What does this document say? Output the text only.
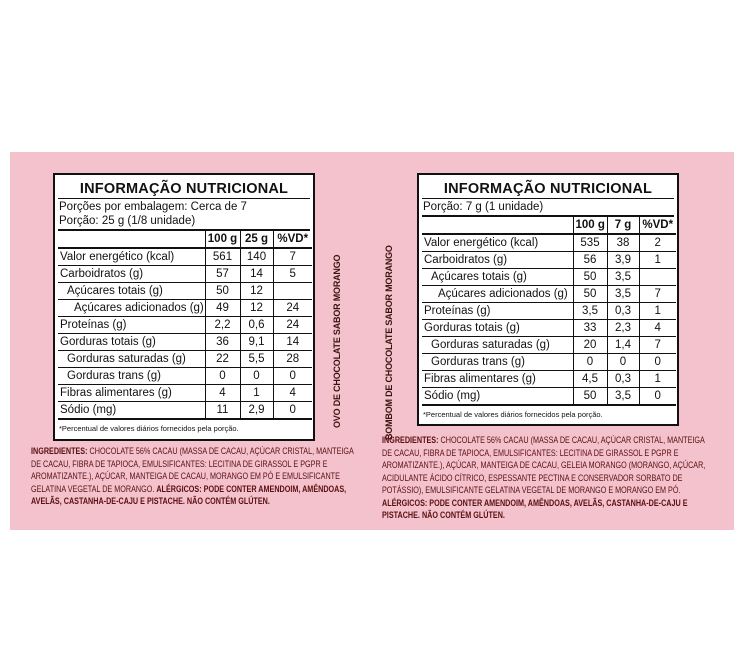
INFORMAÇÃO NUTRICIONAL
Porções por embalagem: Cerca de 7
Porção: 25 g (1/8 unidade)
	100 g	25 g	%VD*
Valor energético (kcal)	561	140	7
Carboidratos (g)	57	14	5
Açúcares totais (g)	50	12	
Açúcares adicionados (g)	49	12	24
Proteínas (g)	2,2	0,6	24
Gorduras totais (g)	36	9,1	14
Gorduras saturadas (g)	22	5,5	28
Gorduras trans (g)	0	0	0
Fibras alimentares (g)	4	1	4
Sódio (mg)	11	2,9	0
*Percentual de valores diários fornecidos pela porção.
INFORMAÇÃO NUTRICIONAL
Porção: 7 g (1 unidade)
	100 g	7 g	%VD*
Valor energético (kcal)	535	38	2
Carboidratos (g)	56	3,9	1
Açúcares totais (g)	50	3,5	
Açúcares adicionados (g)	50	3,5	7
Proteínas (g)	3,5	0,3	1
Gorduras totais (g)	33	2,3	4
Gorduras saturadas (g)	20	1,4	7
Gorduras trans (g)	0	0	0
Fibras alimentares (g)	4,5	0,3	1
Sódio (mg)	50	3,5	0
*Percentual de valores diários fornecidos pela porção.
OVO DE CHOCOLATE SABOR MORANGO	BOMBOM DE CHOCOLATE SABOR MORANGO
INGREDIENTES: CHOCOLATE 56% CACAU (MASSA DE CACAU, AÇÚCAR CRISTAL, MANTEIGA DE CACAU, FIBRA DE TAPIOCA, EMULSIFICANTES: LECITINA DE GIRASSOL E PGPR E AROMATIZANTE.), AÇÚCAR, MANTEIGA DE CACAU, MORANGO EM PÓ E EMULSIFICANTE GELATINA VEGETAL DE MORANGO. ALÉRGICOS: PODE CONTER AMENDOIM, AMÊNDOAS, AVELÃS, CASTANHA-DE-CAJU E PISTACHE. NÃO CONTÉM GLÚTEN.
INGREDIENTES: CHOCOLATE 56% CACAU (MASSA DE CACAU, AÇÚCAR CRISTAL, MANTEIGA DE CACAU, FIBRA DE TAPIOCA, EMULSIFICANTES: LECITINA DE GIRASSOL E PGPR E AROMATIZANTE.), AÇÚCAR, MANTEIGA DE CACAU, GELEIA MORANGO (MORANGO, AÇÚCAR, ACIDULANTE ÁCIDO CÍTRICO, ESPESSANTE PECTINA E CONSERVADOR SORBATO DE POTÁSSIO), EMULSIFICANTE GELATINA VEGETAL DE MORANGO E MORANGO EM PÓ. ALÉRGICOS: PODE CONTER AMENDOIM, AMÊNDOAS, AVELÃS, CASTANHA-DE-CAJU E PISTACHE. NÃO CONTÉM GLÚTEN.
